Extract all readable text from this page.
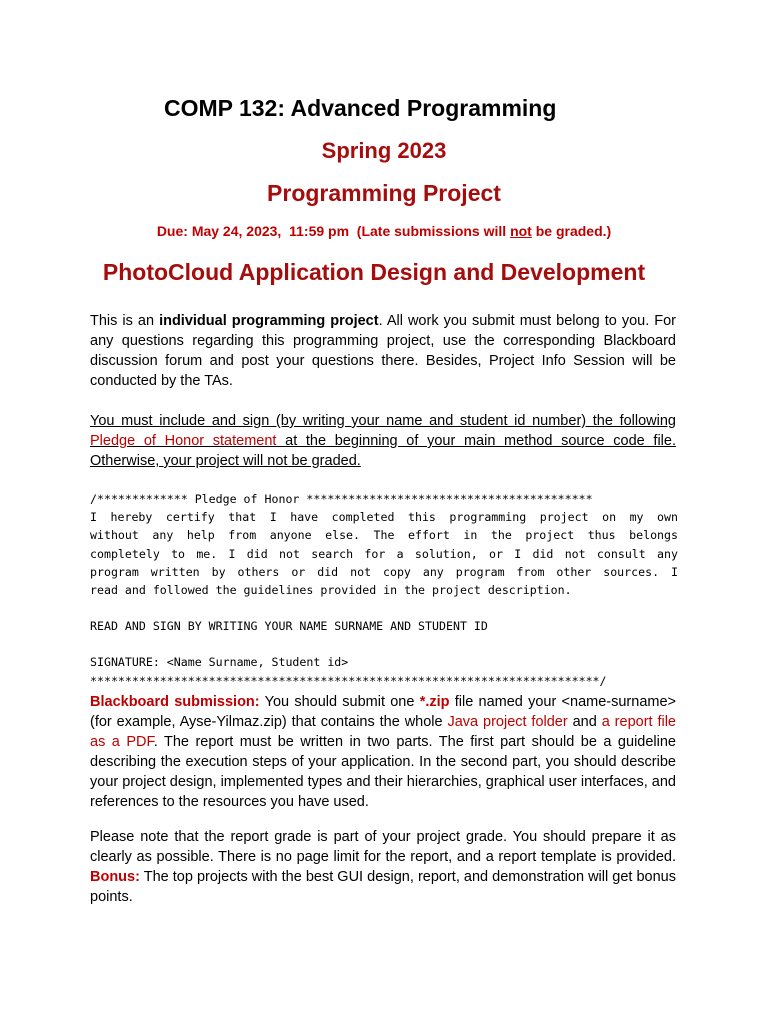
COMP 132: Advanced Programming
Spring 2023
Programming Project

Due: May 24, 2023,  11:59 pm  (Late submissions will not be graded.)

PhotoCloud Application Design and Development

This is an individual programming project. All work you submit must belong to you. For any questions regarding this programming project, use the corresponding Blackboard discussion forum and post your questions there. Besides, Project Info Session will be conducted by the TAs.

You must include and sign (by writing your name and student id number) the following Pledge of Honor statement at the beginning of your main method source code file. Otherwise, your project will not be graded.

/************* Pledge of Honor *****************************************
I hereby certify that I have completed this programming project on my own
without any help from anyone else. The effort in the project thus belongs
completely to me. I did not search for a solution, or I did not consult any
program written by others or did not copy any program from other sources. I
read and followed the guidelines provided in the project description.
READ AND SIGN BY WRITING YOUR NAME SURNAME AND STUDENT ID
SIGNATURE: <Name Surname, Student id>
*************************************************************************/

Blackboard submission: You should submit one *.zip file named your <name-surname> (for example, Ayse-Yilmaz.zip) that contains the whole Java project folder and a report file as a PDF. The report must be written in two parts. The first part should be a guideline describing the execution steps of your application. In the second part, you should describe your project design, implemented types and their hierarchies, graphical user interfaces, and references to the resources you have used.

Please note that the report grade is part of your project grade. You should prepare it as clearly as possible. There is no page limit for the report, and a report template is provided. Bonus: The top projects with the best GUI design, report, and demonstration will get bonus points.
